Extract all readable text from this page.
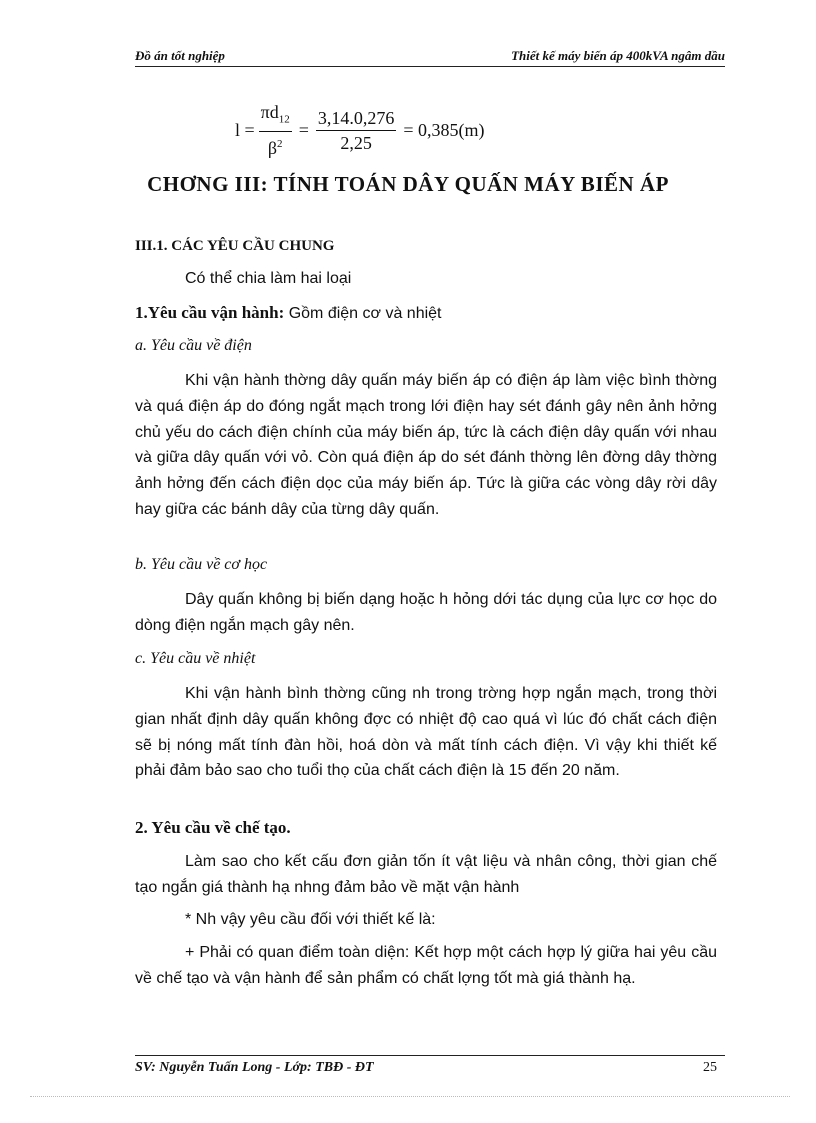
Đồ án tốt nghiệp	Thiết kế máy biến áp 400kVA ngâm dầu
$l = \frac{\pi d_{12}}{\beta^2} = \frac{3,14.0,276}{2,25} = 0,385(m)$
CHƠNG III: TÍNH TOÁN DÂY QUẤN MÁY BIẾN ÁP
III.1. CÁC YÊU CẦU CHUNG
Có thể chia làm hai loại
1.Yêu cầu vận hành: Gồm điện cơ và nhiệt
a. Yêu cầu về điện
Khi vận hành thờng dây quấn máy biến áp có điện áp làm việc bình thờng và quá điện áp do đóng ngắt mạch trong lới điện hay sét đánh gây nên ảnh hởng chủ yếu do cách điện chính của máy biến áp, tức là cách điện dây quấn với nhau và giữa dây quấn với vỏ. Còn quá điện áp do sét đánh thờng lên đờng dây thờng ảnh hởng đến cách điện dọc của máy biến áp. Tức là giữa các vòng dây rời dây hay giữa các bánh dây của từng dây quấn.
b. Yêu cầu về cơ học
Dây quấn không bị biến dạng hoặc h hỏng dới tác dụng của lực cơ học do dòng điện ngắn mạch gây nên.
c. Yêu cầu về nhiệt
Khi vận hành bình thờng cũng nh trong trờng hợp ngắn mạch, trong thời gian nhất định dây quấn không đợc có nhiệt độ cao quá vì lúc đó chất cách điện sẽ bị nóng mất tính đàn hồi, hoá dòn và mất tính cách điện. Vì vậy khi thiết kế phải đảm bảo sao cho tuổi thọ của chất cách điện là 15 đến 20 năm.
2. Yêu cầu về chế tạo.
Làm sao cho kết cấu đơn giản tốn ít vật liệu và nhân công, thời gian chế tạo ngắn giá thành hạ nhng đảm bảo về mặt vận hành
* Nh vậy yêu cầu đối với thiết kế là:
+ Phải có quan điểm toàn diện: Kết hợp một cách hợp lý giữa hai yêu cầu về chế tạo và vận hành để sản phẩm có chất lợng tốt mà giá thành hạ.
SV: Nguyễn Tuấn Long - Lớp: TBĐ - ĐT	25
